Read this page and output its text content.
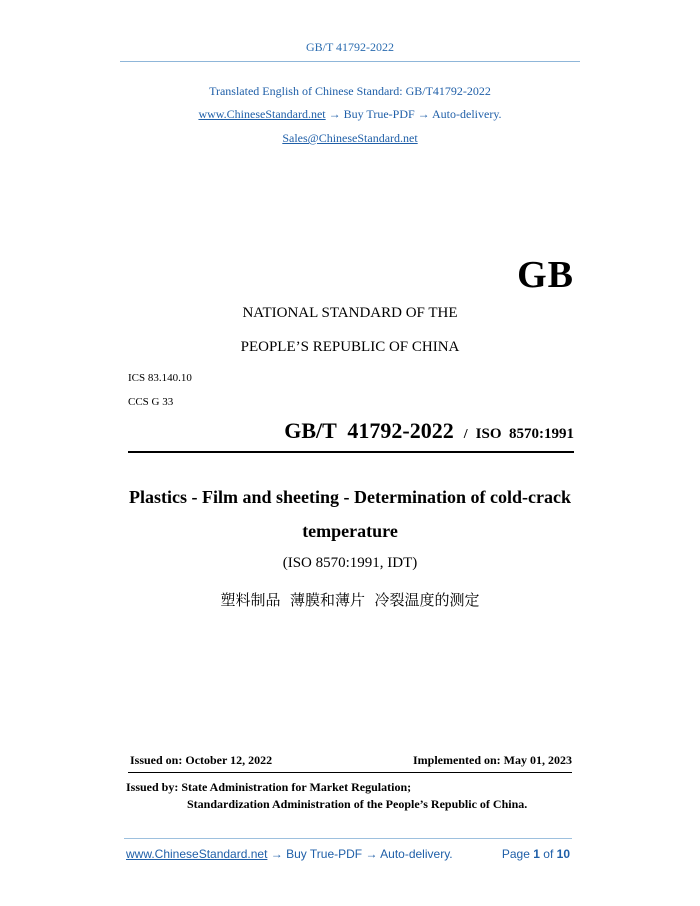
GB/T 41792-2022
Translated English of Chinese Standard: GB/T41792-2022
www.ChineseStandard.net → Buy True-PDF → Auto-delivery.
Sales@ChineseStandard.net
GB
NATIONAL STANDARD OF THE
PEOPLE’S REPUBLIC OF CHINA
ICS 83.140.10
CCS G 33
GB/T  41792-2022 / ISO  8570:1991
Plastics - Film and sheeting - Determination of cold-crack
temperature
(ISO 8570:1991, IDT)
塑料制品  薄膜和薄片  冷裂温度的测定
Issued on: October 12, 2022	Implemented on: May 01, 2023
Issued by: State Administration for Market Regulation;
Standardization Administration of the People’s Republic of China.
www.ChineseStandard.net → Buy True-PDF → Auto-delivery.	Page 1 of 10
